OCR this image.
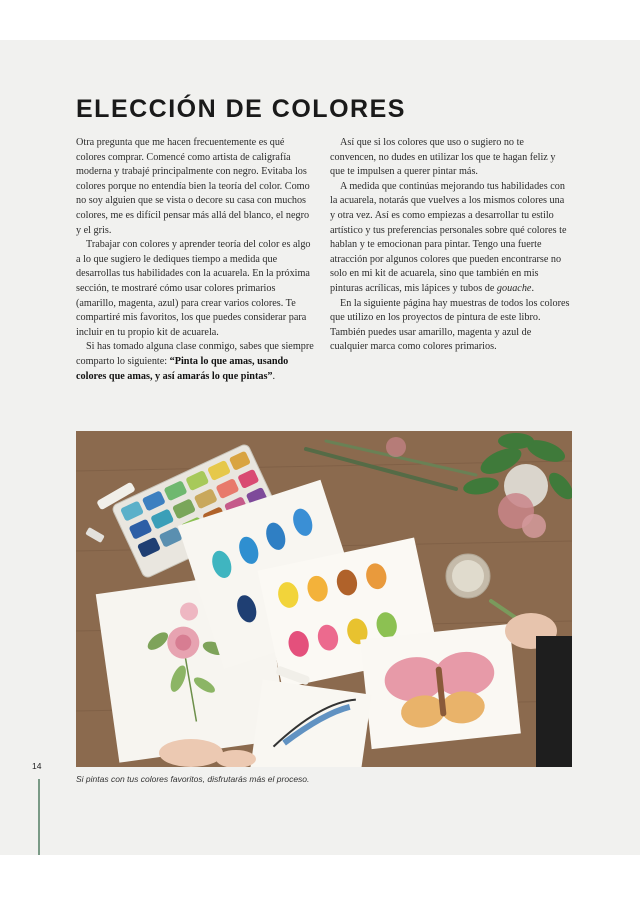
ELECCIÓN DE COLORES

Otra pregunta que me hacen frecuentemente es qué colores comprar. Comencé como artista de caligrafía moderna y trabajé principalmente con negro. Evitaba los colores porque no entendía bien la teoría del color. Como no soy alguien que se vista o decore su casa con muchos colores, me es difícil pensar más allá del blanco, el negro y el gris.

Trabajar con colores y aprender teoría del color es algo a lo que sugiero le dediques tiempo a medida que desarrollas tus habilidades con la acuarela. En la próxima sección, te mostraré cómo usar colores primarios (amarillo, magenta, azul) para crear varios colores. Te compartiré mis favoritos, los que puedes considerar para incluir en tu propio kit de acuarela.

Si has tomado alguna clase conmigo, sabes que siempre comparto lo siguiente: “Pinta lo que amas, usando colores que amas, y así amarás lo que pintas”.

Así que si los colores que uso o sugiero no te convencen, no dudes en utilizar los que te hagan feliz y que te impulsen a querer pintar más.

A medida que continúas mejorando tus habilidades con la acuarela, notarás que vuelves a los mismos colores una y otra vez. Así es como empiezas a desarrollar tu estilo artístico y tus preferencias personales sobre qué colores te hablan y te emocionan para pintar. Tengo una fuerte atracción por algunos colores que pueden encontrarse no solo en mi kit de acuarela, sino que también en mis pinturas acrílicas, mis lápices y tubos de gouache.

En la siguiente página hay muestras de todos los colores que utilizo en los proyectos de pintura de este libro. También puedes usar amarillo, magenta y azul de cualquier marca como colores primarios.

Si pintas con tus colores favoritos, disfrutarás más el proceso.
14
